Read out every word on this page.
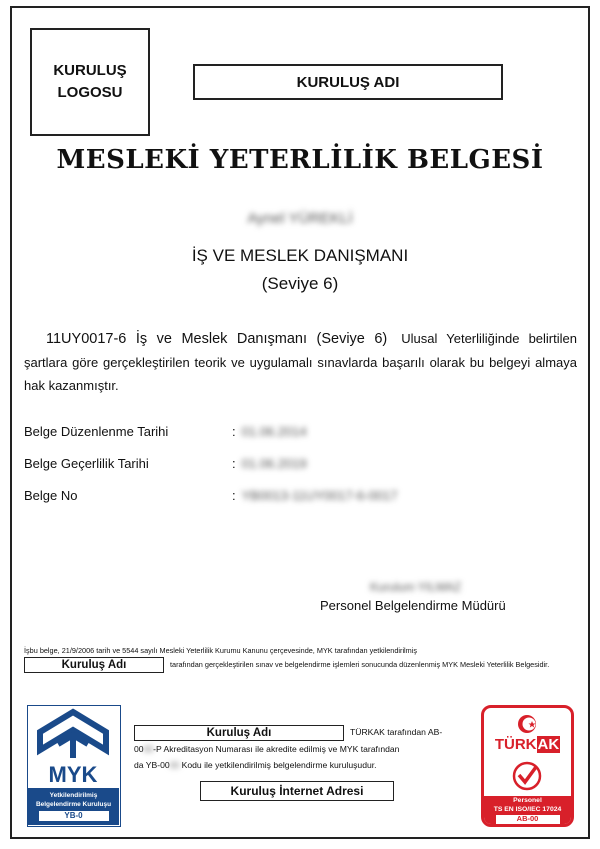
KURULUŞ
LOGOSU
KURULUŞ ADI
MESLEKİ YETERLİLİK BELGESİ
Aynel YÜREKLİ
İŞ VE MESLEK DANIŞMANI
(Seviye 6)
11UY0017-6 İş ve Meslek Danışmanı (Seviye 6) Ulusal Yeterliliğinde belirtilen şartlara göre gerçekleştirilen teorik ve uygulamalı sınavlarda başarılı olarak bu belgeyi almaya hak kazanmıştır.
Belge Düzenlenme Tarihi	: 01.06.2014
Belge Geçerlilik Tarihi	: 01.06.2019
Belge No	: YB0013-11UY0017-6-0017
Kurulum YILMAZ
Personel Belgelendirme Müdürü
İşbu belge, 21/9/2006 tarih ve 5544 sayılı Mesleki Yeterlilik Kurumu Kanunu çerçevesinde, MYK tarafından yetkilendirilmiş
Kuruluş Adı	tarafından gerçekleştirilen sınav ve belgelendirme işlemleri sonucunda düzenlenmiş MYK Mesleki Yeterlilik Belgesidir.
MYK
Yetkilendirilmiş
Belgelendirme Kuruluşu
YB-0
Kuruluş Adı	TÜRKAK tarafından AB-
0000-P Akreditasyon Numarası ile akredite edilmiş ve MYK tarafından
da YB-0000 Kodu ile yetkilendirilmiş belgelendirme kuruluşudur.
Kuruluş İnternet Adresi
TÜRKAK
Personel
TS EN ISO/IEC 17024
AB-00
